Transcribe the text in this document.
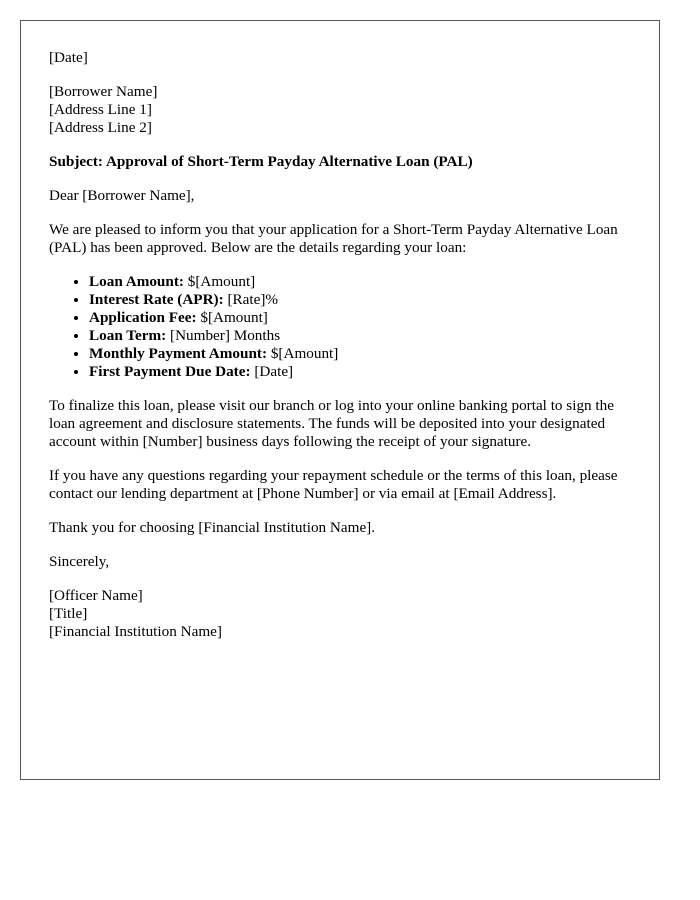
[Date]

[Borrower Name]
[Address Line 1]
[Address Line 2]

Subject: Approval of Short-Term Payday Alternative Loan (PAL)

Dear [Borrower Name],

We are pleased to inform you that your application for a Short-Term Payday Alternative Loan (PAL) has been approved. Below are the details regarding your loan:

• Loan Amount: $[Amount]
• Interest Rate (APR): [Rate]%
• Application Fee: $[Amount]
• Loan Term: [Number] Months
• Monthly Payment Amount: $[Amount]
• First Payment Due Date: [Date]

To finalize this loan, please visit our branch or log into your online banking portal to sign the loan agreement and disclosure statements. The funds will be deposited into your designated account within [Number] business days following the receipt of your signature.

If you have any questions regarding your repayment schedule or the terms of this loan, please contact our lending department at [Phone Number] or via email at [Email Address].

Thank you for choosing [Financial Institution Name].

Sincerely,

[Officer Name]
[Title]
[Financial Institution Name]
